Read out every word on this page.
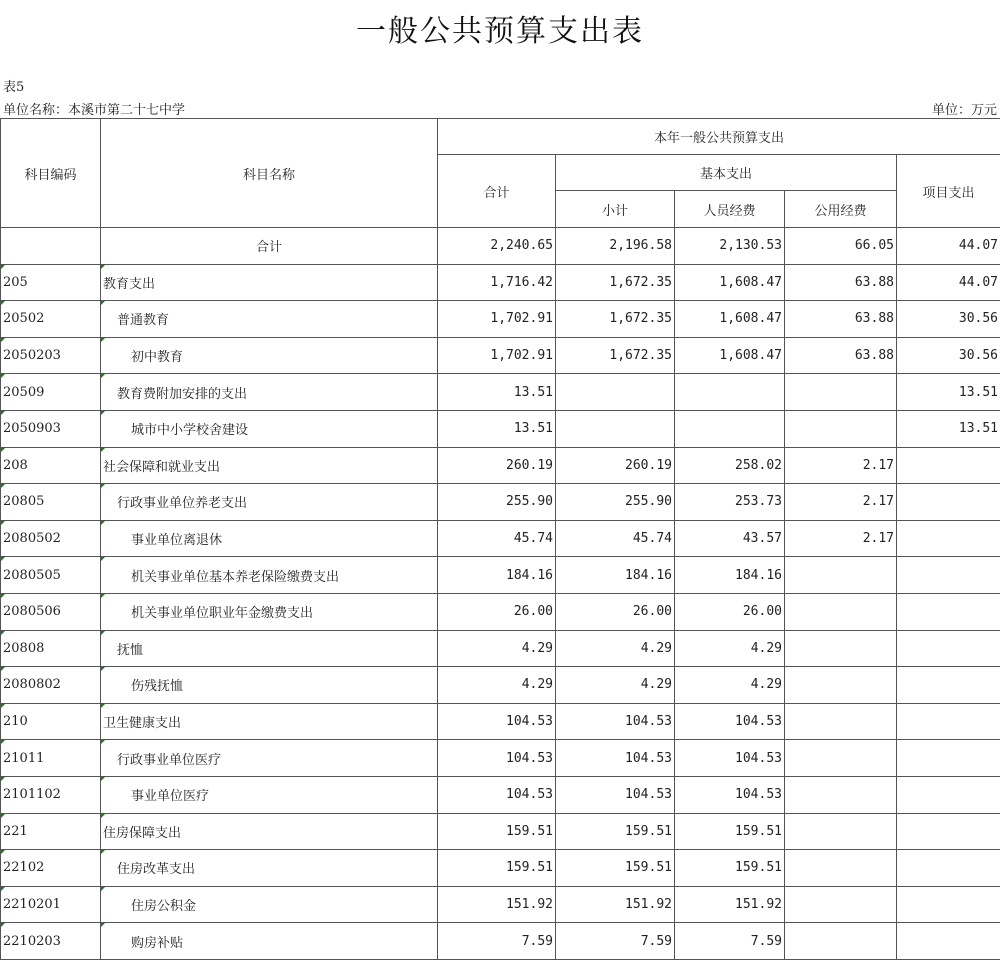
一般公共预算支出表
表5
单位名称：本溪市第二十七中学	单位：万元
科目编码	科目名称	本年一般公共预算支出				
		合计	基本支出			项目支出
			小计	人员经费	公用经费	
	合计	2,240.65	2,196.58	2,130.53	66.05	44.07
205	教育支出	1,716.42	1,672.35	1,608.47	63.88	44.07
20502	普通教育	1,702.91	1,672.35	1,608.47	63.88	30.56
2050203	初中教育	1,702.91	1,672.35	1,608.47	63.88	30.56
20509	教育费附加安排的支出	13.51				13.51
2050903	城市中小学校舍建设	13.51				13.51
208	社会保障和就业支出	260.19	260.19	258.02	2.17	
20805	行政事业单位养老支出	255.90	255.90	253.73	2.17	
2080502	事业单位离退休	45.74	45.74	43.57	2.17	
2080505	机关事业单位基本养老保险缴费支出	184.16	184.16	184.16		
2080506	机关事业单位职业年金缴费支出	26.00	26.00	26.00		
20808	抚恤	4.29	4.29	4.29		
2080802	伤残抚恤	4.29	4.29	4.29		
210	卫生健康支出	104.53	104.53	104.53		
21011	行政事业单位医疗	104.53	104.53	104.53		
2101102	事业单位医疗	104.53	104.53	104.53		
221	住房保障支出	159.51	159.51	159.51		
22102	住房改革支出	159.51	159.51	159.51		
2210201	住房公积金	151.92	151.92	151.92		
2210203	购房补贴	7.59	7.59	7.59		
